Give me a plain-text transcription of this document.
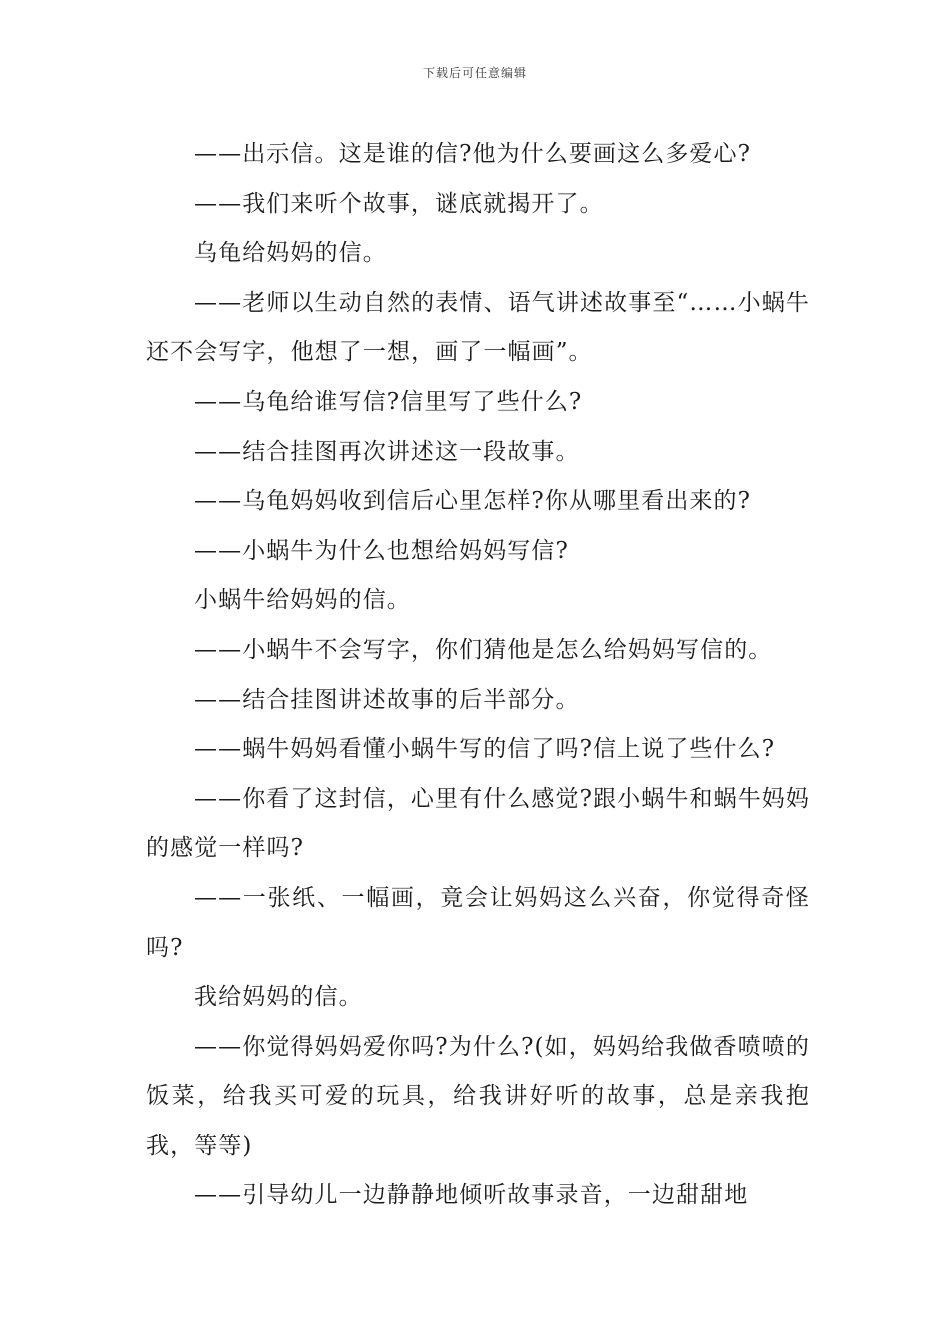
下载后可任意编辑

——出示信。这是谁的信?他为什么要画这么多爱心?

——我们来听个故事，谜底就揭开了。

乌龟给妈妈的信。

——老师以生动自然的表情、语气讲述故事至“……小蜗牛还不会写字，他想了一想，画了一幅画”。

——乌龟给谁写信?信里写了些什么?

——结合挂图再次讲述这一段故事。

——乌龟妈妈收到信后心里怎样?你从哪里看出来的?

——小蜗牛为什么也想给妈妈写信?

小蜗牛给妈妈的信。

——小蜗牛不会写字，你们猜他是怎么给妈妈写信的。

——结合挂图讲述故事的后半部分。

——蜗牛妈妈看懂小蜗牛写的信了吗?信上说了些什么?

——你看了这封信，心里有什么感觉?跟小蜗牛和蜗牛妈妈的感觉一样吗?

——一张纸、一幅画，竟会让妈妈这么兴奋，你觉得奇怪吗?

我给妈妈的信。

——你觉得妈妈爱你吗?为什么?(如，妈妈给我做香喷喷的饭菜，给我买可爱的玩具，给我讲好听的故事，总是亲我抱我，等等)

——引导幼儿一边静静地倾听故事录音，一边甜甜地
